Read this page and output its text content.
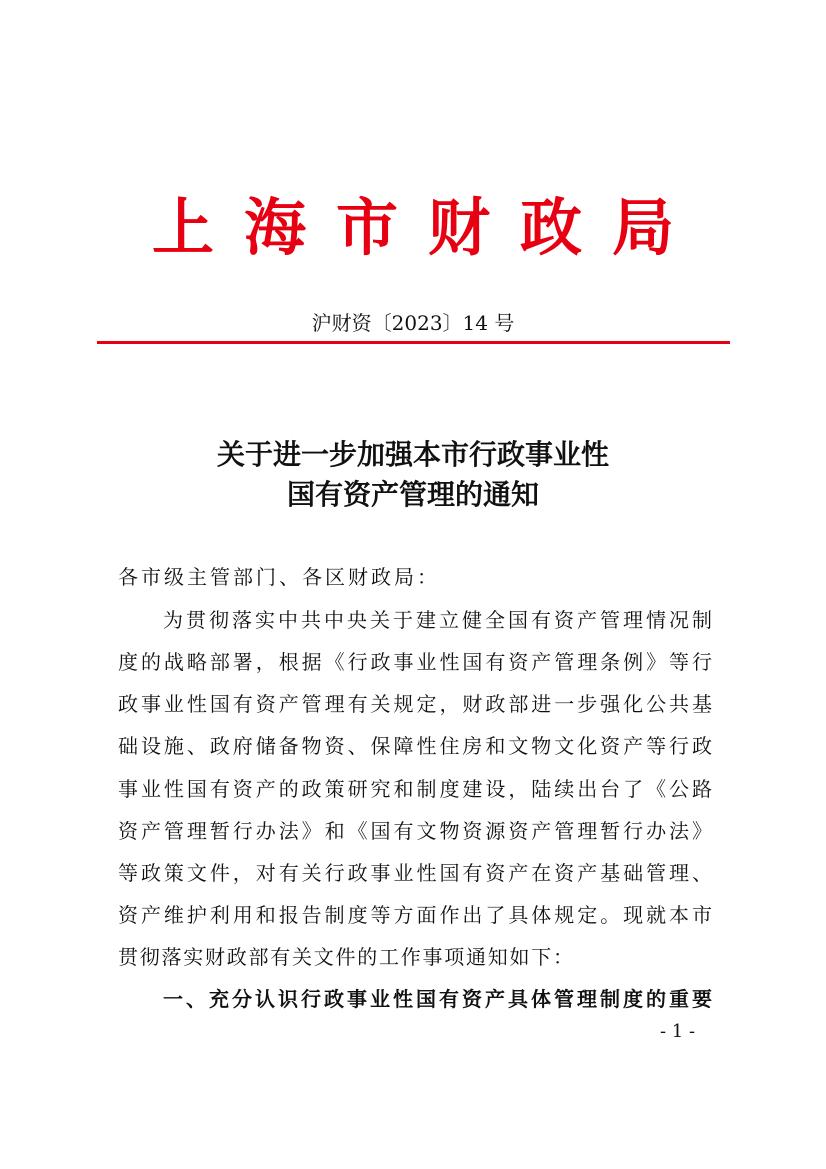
上海市财政局
沪财资〔2023〕14 号
关于进一步加强本市行政事业性
国有资产管理的通知
各市级主管部门、各区财政局：
为贯彻落实中共中央关于建立健全国有资产管理情况制
度的战略部署，根据《行政事业性国有资产管理条例》等行
政事业性国有资产管理有关规定，财政部进一步强化公共基
础设施、政府储备物资、保障性住房和文物文化资产等行政
事业性国有资产的政策研究和制度建设，陆续出台了《公路
资产管理暂行办法》和《国有文物资源资产管理暂行办法》
等政策文件，对有关行政事业性国有资产在资产基础管理、
资产维护利用和报告制度等方面作出了具体规定。现就本市
贯彻落实财政部有关文件的工作事项通知如下：
一、充分认识行政事业性国有资产具体管理制度的重要
- 1 -
